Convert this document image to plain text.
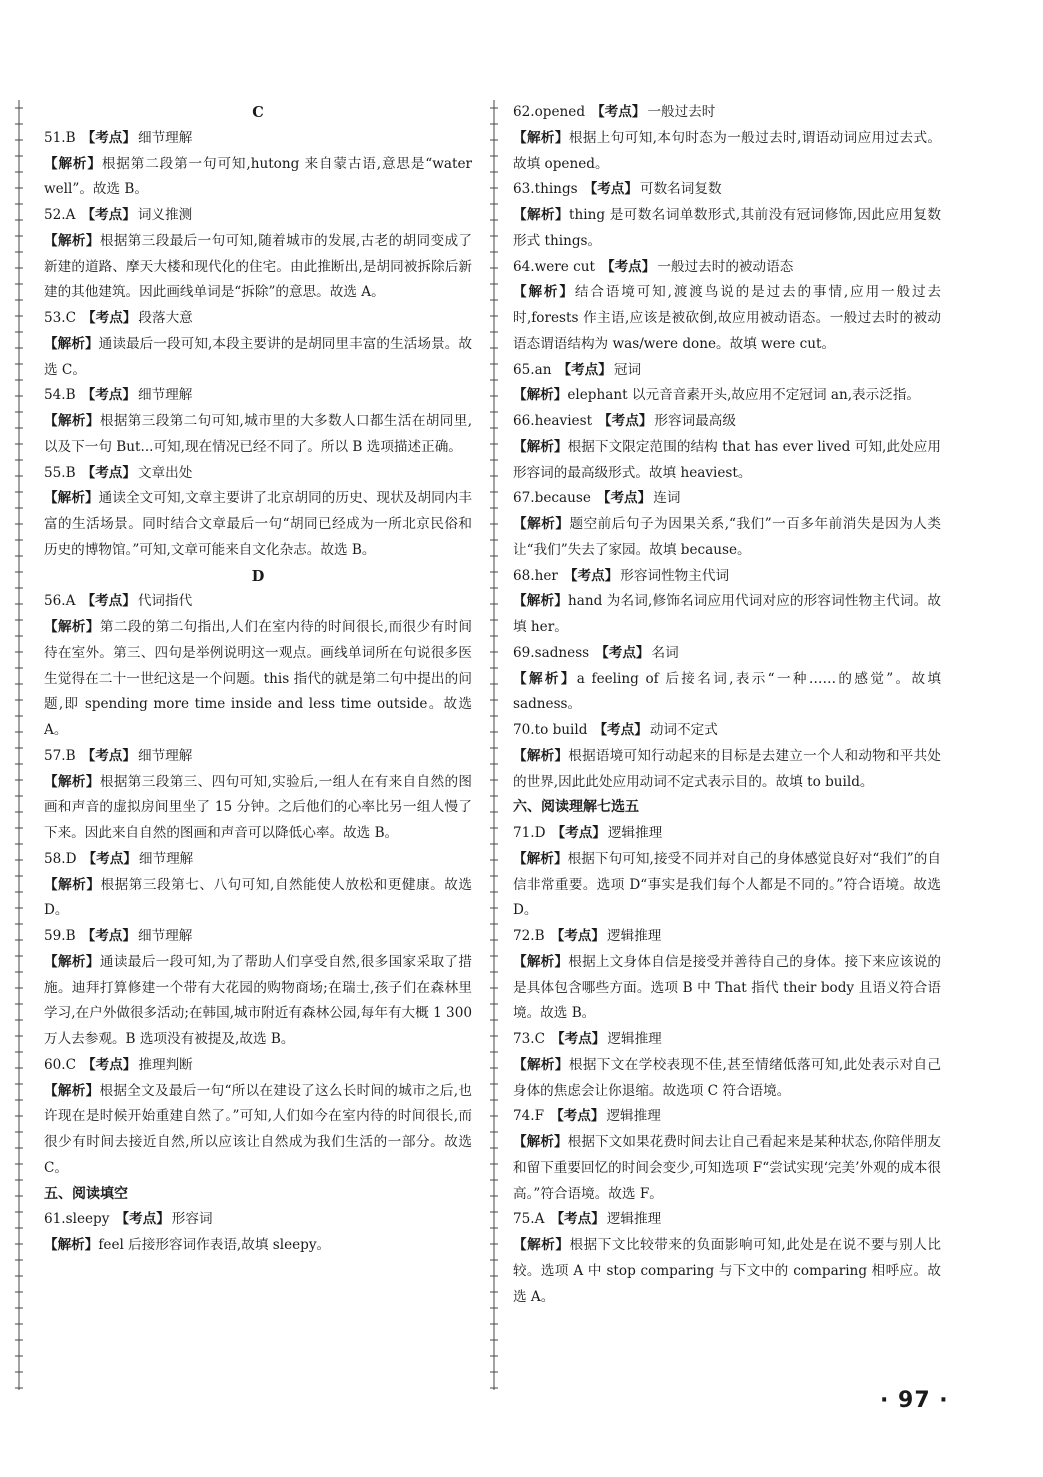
C

51.B 【考点】 细节理解

【解析】根据第二段第一句可知,hutong 来自蒙古语,意思是“water well”。故选 B。

52.A 【考点】 词义推测

【解析】根据第三段最后一句可知,随着城市的发展,古老的胡同变成了新建的道路、摩天大楼和现代化的住宅。由此推断出,是胡同被拆除后新建的其他建筑。因此画线单词是“拆除”的意思。故选 A。

53.C 【考点】 段落大意

【解析】通读最后一段可知,本段主要讲的是胡同里丰富的生活场景。故选 C。

54.B 【考点】 细节理解

【解析】根据第三段第二句可知,城市里的大多数人口都生活在胡同里,以及下一句 But...可知,现在情况已经不同了。所以 B 选项描述正确。

55.B 【考点】 文章出处

【解析】通读全文可知,文章主要讲了北京胡同的历史、现状及胡同内丰富的生活场景。同时结合文章最后一句“胡同已经成为一所北京民俗和历史的博物馆。”可知,文章可能来自文化杂志。故选 B。

D

56.A 【考点】 代词指代

【解析】第二段的第二句指出,人们在室内待的时间很长,而很少有时间待在室外。第三、四句是举例说明这一观点。画线单词所在句说很多医生觉得在二十一世纪这是一个问题。this 指代的就是第二句中提出的问题,即 spending more time inside and less time outside。故选 A。

57.B 【考点】 细节理解

【解析】根据第三段第三、四句可知,实验后,一组人在有来自自然的图画和声音的虚拟房间里坐了 15 分钟。之后他们的心率比另一组人慢了下来。因此来自自然的图画和声音可以降低心率。故选 B。

58.D 【考点】 细节理解

【解析】根据第三段第七、八句可知,自然能使人放松和更健康。故选 D。

59.B 【考点】 细节理解

【解析】通读最后一段可知,为了帮助人们享受自然,很多国家采取了措施。迪拜打算修建一个带有大花园的购物商场;在瑞士,孩子们在森林里学习,在户外做很多活动;在韩国,城市附近有森林公园,每年有大概 1 300 万人去参观。B 选项没有被提及,故选 B。

60.C 【考点】 推理判断

【解析】根据全文及最后一句“所以在建设了这么长时间的城市之后,也许现在是时候开始重建自然了。”可知,人们如今在室内待的时间很长,而很少有时间去接近自然,所以应该让自然成为我们生活的一部分。故选 C。

五、阅读填空

61.sleepy 【考点】 形容词

【解析】feel 后接形容词作表语,故填 sleepy。

62.opened 【考点】 一般过去时

【解析】根据上句可知,本句时态为一般过去时,谓语动词应用过去式。故填 opened。

63.things 【考点】 可数名词复数

【解析】thing 是可数名词单数形式,其前没有冠词修饰,因此应用复数形式 things。

64.were cut 【考点】 一般过去时的被动语态

【解析】结合语境可知,渡渡鸟说的是过去的事情,应用一般过去时,forests 作主语,应该是被砍倒,故应用被动语态。一般过去时的被动语态谓语结构为 was/were done。故填 were cut。

65.an 【考点】 冠词

【解析】elephant 以元音音素开头,故应用不定冠词 an,表示泛指。

66.heaviest 【考点】 形容词最高级

【解析】根据下文限定范围的结构 that has ever lived 可知,此处应用形容词的最高级形式。故填 heaviest。

67.because 【考点】 连词

【解析】题空前后句子为因果关系,“我们”一百多年前消失是因为人类让“我们”失去了家园。故填 because。

68.her 【考点】 形容词性物主代词

【解析】hand 为名词,修饰名词应用代词对应的形容词性物主代词。故填 her。

69.sadness 【考点】 名词

【解析】a feeling of 后接名词,表示“一种……的感觉”。故填 sadness。

70.to build 【考点】 动词不定式

【解析】根据语境可知行动起来的目标是去建立一个人和动物和平共处的世界,因此此处应用动词不定式表示目的。故填 to build。

六、阅读理解七选五

71.D 【考点】 逻辑推理

【解析】根据下句可知,接受不同并对自己的身体感觉良好对“我们”的自信非常重要。选项 D“事实是我们每个人都是不同的。”符合语境。故选 D。

72.B 【考点】 逻辑推理

【解析】根据上文身体自信是接受并善待自己的身体。接下来应该说的是具体包含哪些方面。选项 B 中 That 指代 their body 且语义符合语境。故选 B。

73.C 【考点】 逻辑推理

【解析】根据下文在学校表现不佳,甚至情绪低落可知,此处表示对自己身体的焦虑会让你退缩。故选项 C 符合语境。

74.F 【考点】 逻辑推理

【解析】根据下文如果花费时间去让自己看起来是某种状态,你陪伴朋友和留下重要回忆的时间会变少,可知选项 F“尝试实现‘完美’外观的成本很高。”符合语境。故选 F。

75.A 【考点】 逻辑推理

【解析】根据下文比较带来的负面影响可知,此处是在说不要与别人比较。选项 A 中 stop comparing 与下文中的 comparing 相呼应。故选 A。

· 97 ·
